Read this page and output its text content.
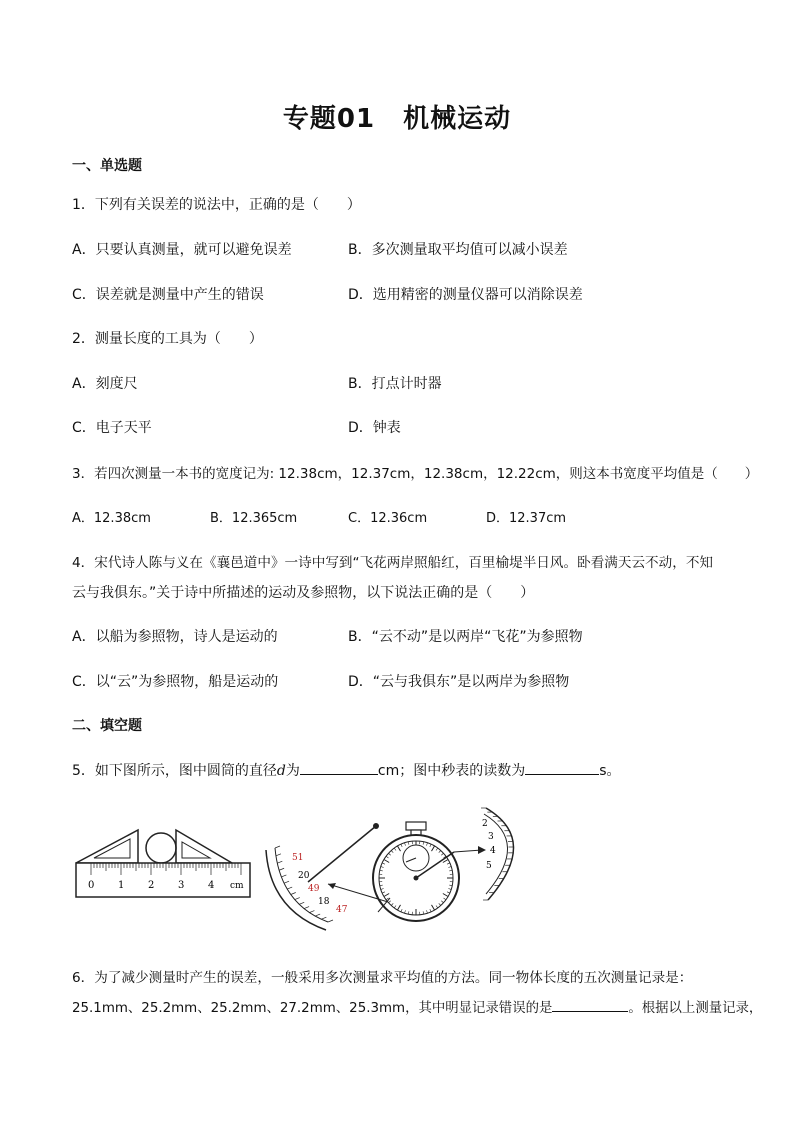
专题01 机械运动
一、单选题
1．下列有关误差的说法中，正确的是（　　）
A．只要认真测量，就可以避免误差	B．多次测量取平均值可以减小误差
C．误差就是测量中产生的错误	D．选用精密的测量仪器可以消除误差
2．测量长度的工具为（　　）
A．刻度尺	B．打点计时器
C．电子天平	D．钟表
3．若四次测量一本书的宽度记为: 12.38cm，12.37cm，12.38cm，12.22cm，则这本书宽度平均值是（　　）
A．12.38cm	B．12.365cm	C．12.36cm	D．12.37cm
4．宋代诗人陈与义在《襄邑道中》一诗中写到“飞花两岸照船红，百里榆堤半日风。卧看满天云不动，不知
云与我俱东。”关于诗中所描述的运动及参照物，以下说法正确的是（　　）
A．以船为参照物，诗人是运动的	B．“云不动”是以两岸“飞花”为参照物
C．以“云”为参照物，船是运动的	D．“云与我俱东”是以两岸为参照物
二、填空题
5．如下图所示，图中圆筒的直径d为	cm；图中秒表的读数为	s。
0 1 2 3 4 cm
51
20
49
18
47
2
3
4
5
6．为了减少测量时产生的误差，一般采用多次测量求平均值的方法。同一物体长度的五次测量记录是：
25.1mm、25.2mm、25.2mm、27.2mm、25.3mm，其中明显记录错误的是	。根据以上测量记录，
